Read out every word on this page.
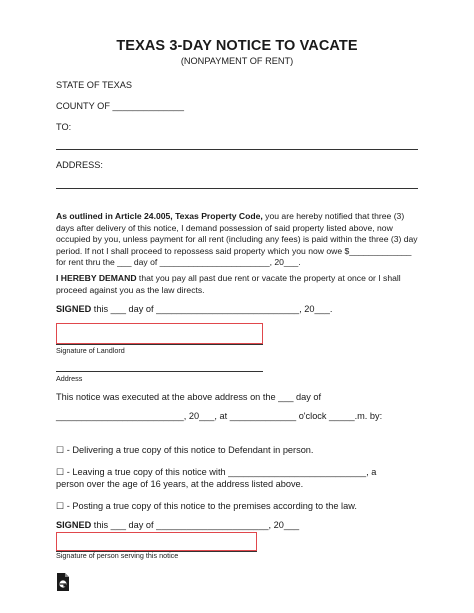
TEXAS 3-DAY NOTICE TO VACATE
(NONPAYMENT OF RENT)
STATE OF TEXAS
COUNTY OF ______________
TO:
ADDRESS:
As outlined in Article 24.005, Texas Property Code, you are hereby notified that three (3) days after delivery of this notice, I demand possession of said property listed above, now occupied by you, unless payment for all rent (including any fees) is paid within the three (3) day period. If not I shall proceed to repossess said property which you now owe $_____________ for rent thru the ___ day of _______________________, 20___.
I HEREBY DEMAND that you pay all past due rent or vacate the property at once or I shall proceed against you as the law directs.
SIGNED this ___ day of ____________________________, 20___.
Signature of Landlord
Address
This notice was executed at the above address on the ___ day of
_________________________, 20___, at _____________ o'clock _____.m. by:
☐ - Delivering a true copy of this notice to Defendant in person.
☐ - Leaving a true copy of this notice with ___________________________, a
person over the age of 16 years, at the address listed above.
☐ - Posting a true copy of this notice to the premises according to the law.
SIGNED this ___ day of ______________________, 20___
Signature of person serving this notice
